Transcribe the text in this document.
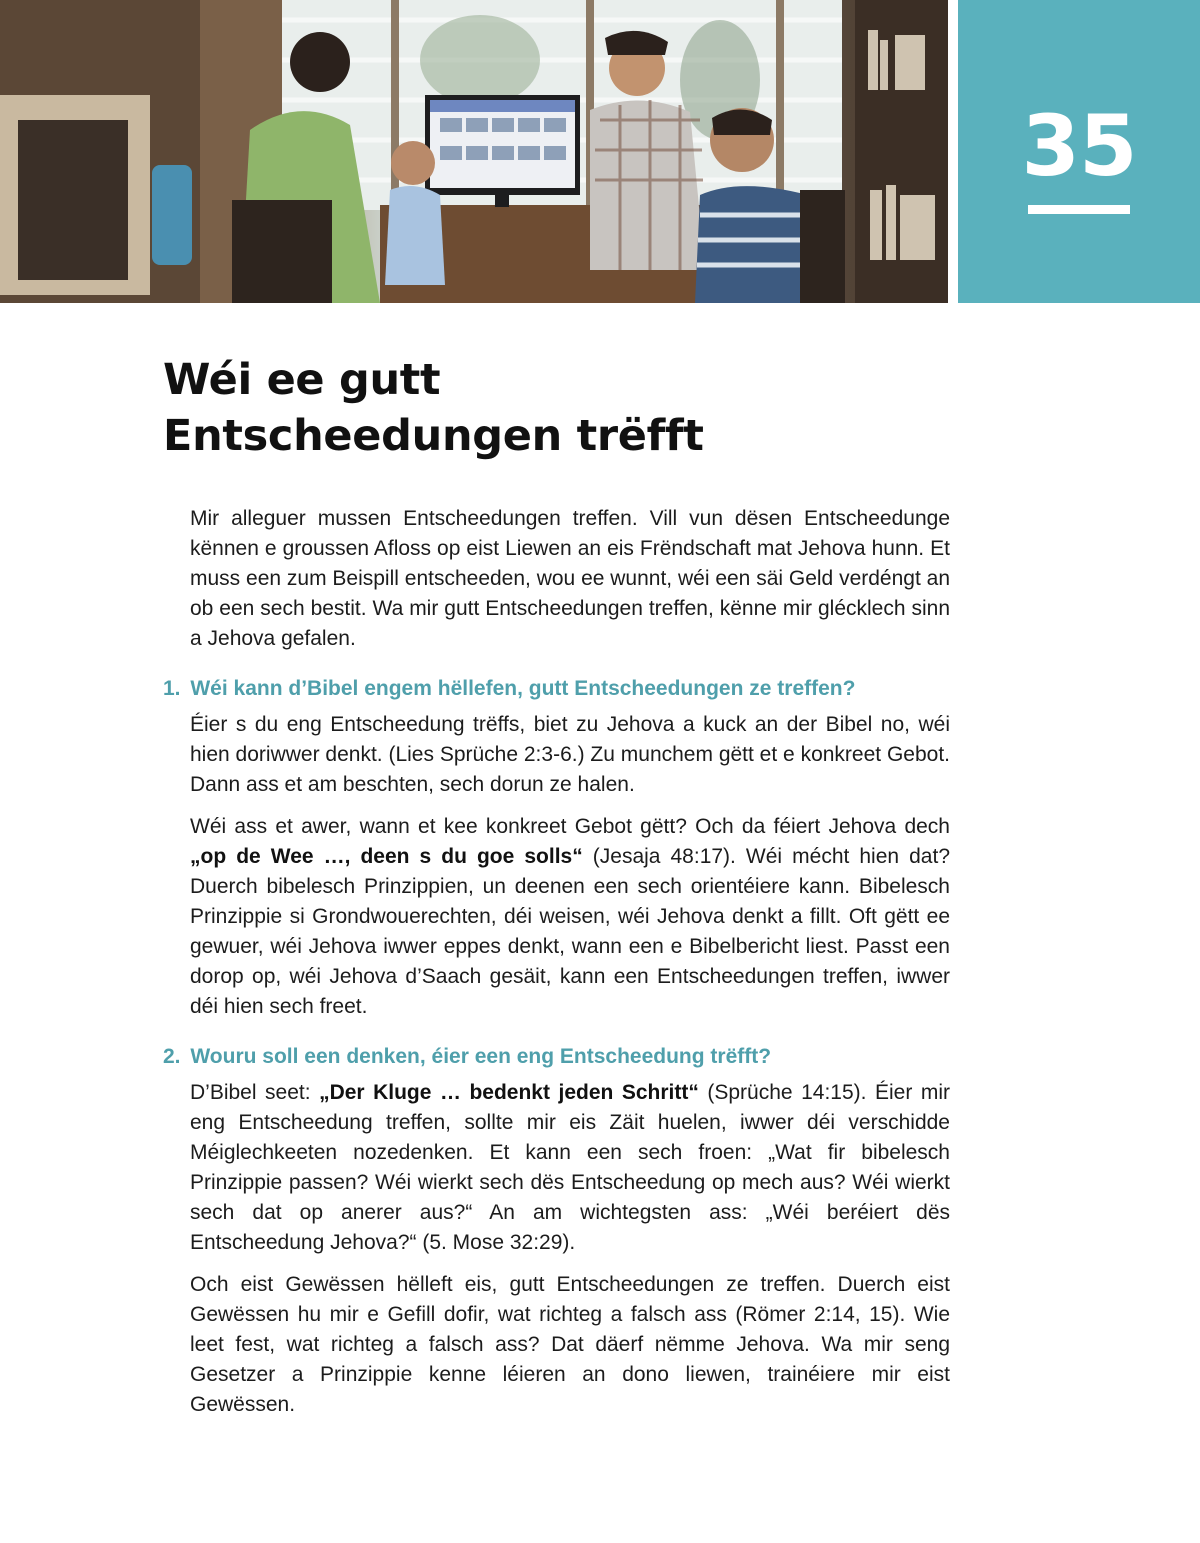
35
Wéi ee gutt
Entscheedungen trëfft

Mir alleguer mussen Entscheedungen treffen. Vill vun dësen Entscheedunge kënnen e groussen Afloss op eist Liewen an eis Frëndschaft mat Jehova hunn. Et muss een zum Beispill entscheeden, wou ee wunnt, wéi een säi Geld verdéngt an ob een sech bestit. Wa mir gutt Entscheedungen treffen, kënne mir glécklech sinn a Jehova gefalen.

1. Wéi kann d’Bibel engem hëllefen, gutt Entscheedungen ze treffen?

Éier s du eng Entscheedung trëffs, biet zu Jehova a kuck an der Bibel no, wéi hien doriwwer denkt. (Lies Sprüche 2:3-6.) Zu munchem gëtt et e konkreet Gebot. Dann ass et am beschten, sech dorun ze halen.

Wéi ass et awer, wann et kee konkreet Gebot gëtt? Och da féiert Jehova dech „op de Wee …, deen s du goe solls“ (Jesaja 48:17). Wéi mécht hien dat? Duerch bibelesch Prinzippien, un deenen een sech orientéiere kann. Bibelesch Prinzippie si Grondwouerechten, déi weisen, wéi Jehova denkt a fillt. Oft gëtt ee gewuer, wéi Jehova iwwer eppes denkt, wann een e Bibelbericht liest. Passt een dorop op, wéi Jehova d’Saach gesäit, kann een Entscheedungen treffen, iwwer déi hien sech freet.

2. Wouru soll een denken, éier een eng Entscheedung trëfft?

D’Bibel seet: „Der Kluge … bedenkt jeden Schritt“ (Sprüche 14:15). Éier mir eng Entscheedung treffen, sollte mir eis Zäit huelen, iwwer déi verschidde Méiglechkeeten nozedenken. Et kann een sech froen: „Wat fir bibelesch Prinzippie passen? Wéi wierkt sech dës Entscheedung op mech aus? Wéi wierkt sech dat op anerer aus?“ An am wichtegsten ass: „Wéi beréiert dës Entscheedung Jehova?“ (5. Mose 32:29).

Och eist Gewëssen hëlleft eis, gutt Entscheedungen ze treffen. Duerch eist Gewëssen hu mir e Gefill dofir, wat richteg a falsch ass (Römer 2:14, 15). Wie leet fest, wat richteg a falsch ass? Dat däerf nëmme Jehova. Wa mir seng Gesetzer a Prinzippie kenne léieren an dono liewen, trainéiere mir eist Gewëssen.
